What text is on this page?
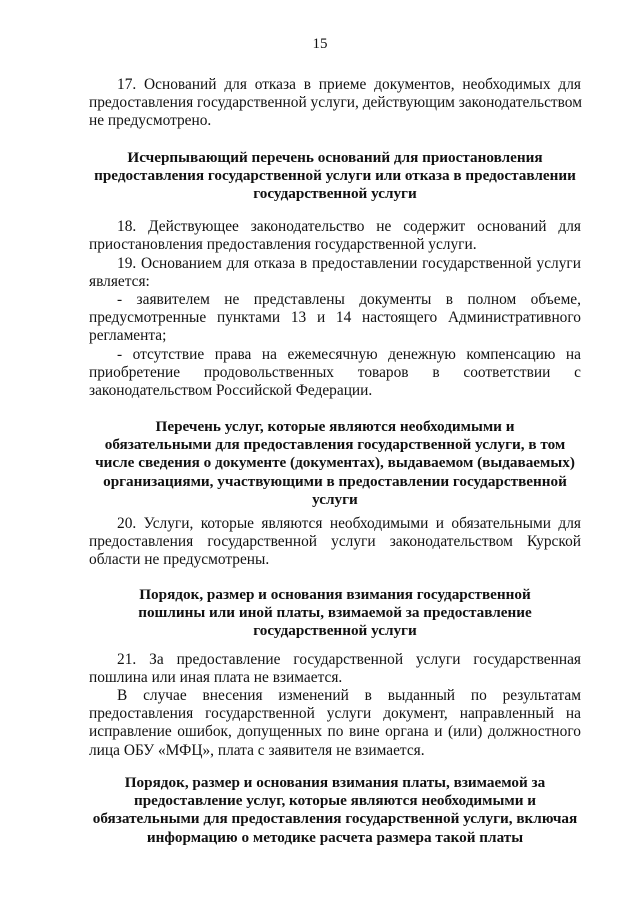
15
17. Оснований для отказа в приеме документов, необходимых для
предоставления государственной услуги, действующим законодательством
не предусмотрено.
Исчерпывающий перечень оснований для приостановления
предоставления государственной услуги или отказа в предоставлении
государственной услуги
18. Действующее законодательство не содержит оснований для
приостановления предоставления государственной услуги.
19. Основанием для отказа в предоставлении государственной услуги
является:
- заявителем не представлены документы в полном объеме,
предусмотренные пунктами 13 и 14 настоящего Административного
регламента;
- отсутствие права на ежемесячную денежную компенсацию на
приобретение продовольственных товаров в соответствии с
законодательством Российской Федерации.
Перечень услуг, которые являются необходимыми и
обязательными для предоставления государственной услуги, в том
числе сведения о документе (документах), выдаваемом (выдаваемых)
организациями, участвующими в предоставлении государственной
услуги
20. Услуги, которые являются необходимыми и обязательными для
предоставления государственной услуги законодательством Курской
области не предусмотрены.
Порядок, размер и основания взимания государственной
пошлины или иной платы, взимаемой за предоставление
государственной услуги
21. За предоставление государственной услуги государственная
пошлина или иная плата не взимается.
В случае внесения изменений в выданный по результатам
предоставления государственной услуги документ, направленный на
исправление ошибок, допущенных по вине органа и (или) должностного
лица ОБУ «МФЦ», плата с заявителя не взимается.
Порядок, размер и основания взимания платы, взимаемой за
предоставление услуг, которые являются необходимыми и
обязательными для предоставления государственной услуги, включая
информацию о методике расчета размера такой платы
